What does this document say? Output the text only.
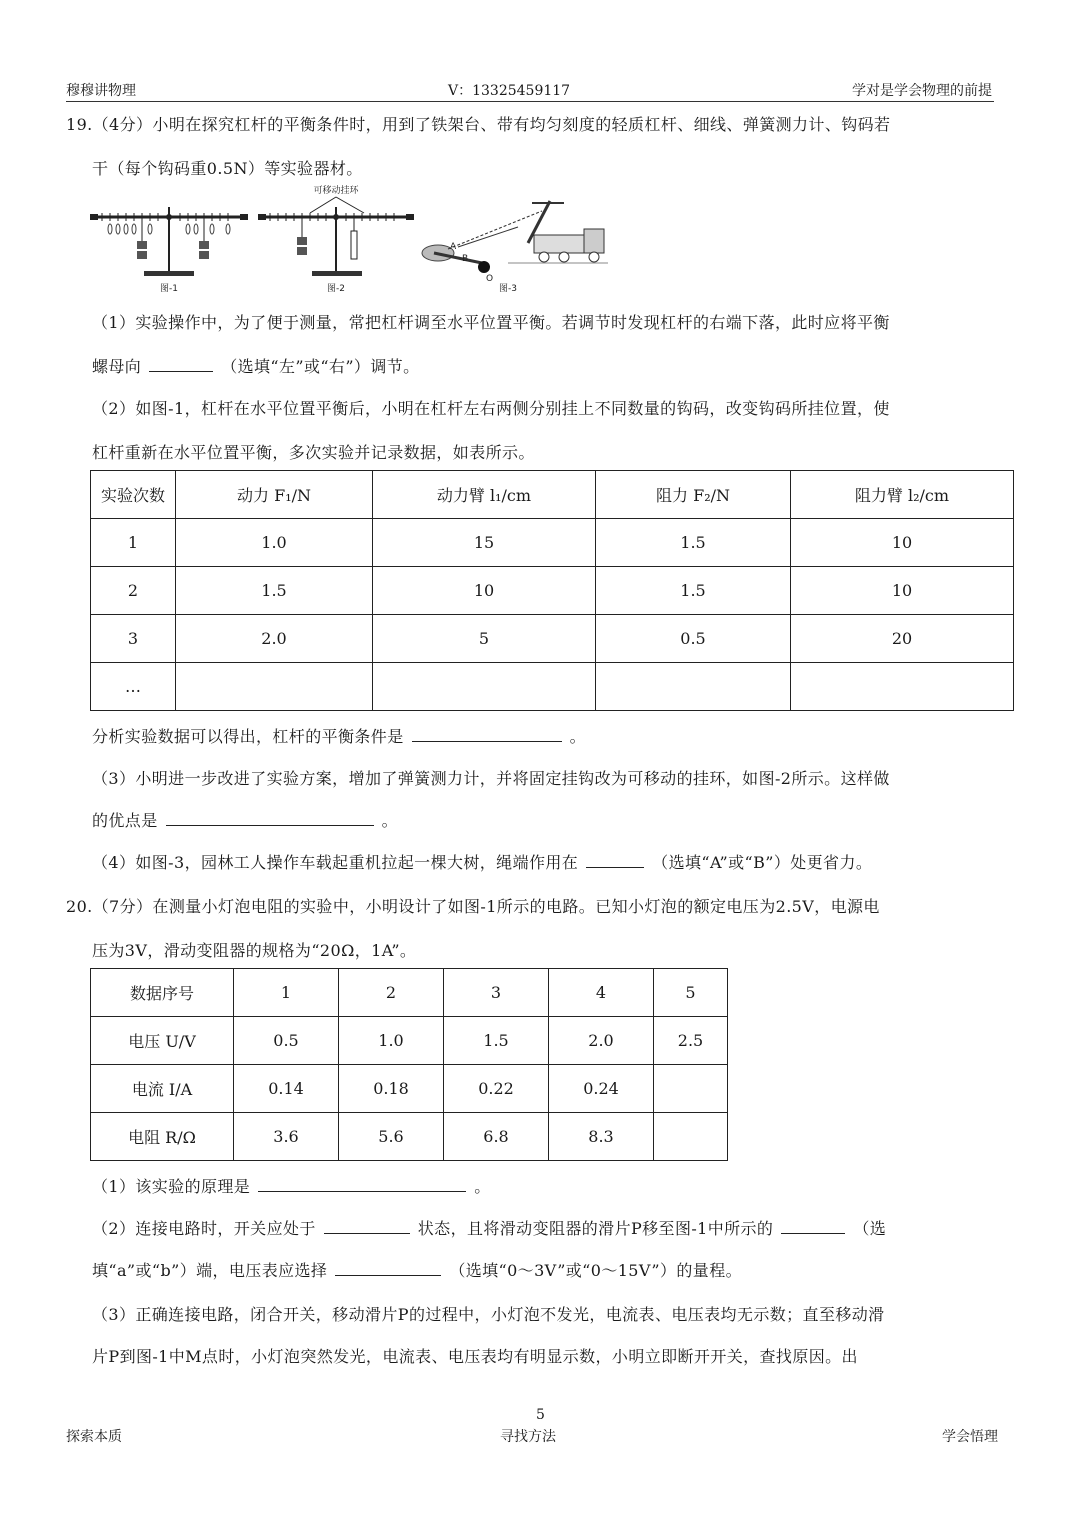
穆穆讲物理	V：13325459117	学对是学会物理的前提
19.（4分）小明在探究杠杆的平衡条件时，用到了铁架台、带有均匀刻度的轻质杠杆、细线、弹簧测力计、钩码若
干（每个钩码重0.5N）等实验器材。
图-1
可移动挂环
图-2
A
B
O
图-3
（1）实验操作中，为了便于测量，常把杠杆调至水平位置平衡。若调节时发现杠杆的右端下落，此时应将平衡
螺母向	（选填“左”或“右”）调节。
（2）如图-1，杠杆在水平位置平衡后，小明在杠杆左右两侧分别挂上不同数量的钩码，改变钩码所挂位置，使
杠杆重新在水平位置平衡，多次实验并记录数据，如表所示。
实验次数	动力 F₁/N	动力臂 l₁/cm	阻力 F₂/N	阻力臂 l₂/cm
1	1.0	15	1.5	10
2	1.5	10	1.5	10
3	2.0	5	0.5	20
…				
分析实验数据可以得出，杠杆的平衡条件是	。
（3）小明进一步改进了实验方案，增加了弹簧测力计，并将固定挂钩改为可移动的挂环，如图-2所示。这样做
的优点是	。
（4）如图-3，园林工人操作车载起重机拉起一棵大树，绳端作用在	（选填“A”或“B”）处更省力。
20.（7分）在测量小灯泡电阻的实验中，小明设计了如图-1所示的电路。已知小灯泡的额定电压为2.5V，电源电
压为3V，滑动变阻器的规格为“20Ω，1A”。
数据序号	1	2	3	4	5
电压 U/V	0.5	1.0	1.5	2.0	2.5
电流 I/A	0.14	0.18	0.22	0.24	
电阻 R/Ω	3.6	5.6	6.8	8.3	
（1）该实验的原理是	。
（2）连接电路时，开关应处于	状态，且将滑动变阻器的滑片P移至图-1中所示的	（选
填“a”或“b”）端，电压表应选择	（选填“0～3V”或“0～15V”）的量程。
（3）正确连接电路，闭合开关，移动滑片P的过程中，小灯泡不发光，电流表、电压表均无示数；直至移动滑
片P到图-1中M点时，小灯泡突然发光，电流表、电压表均有明显示数，小明立即断开开关，查找原因。出
5
探索本质	寻找方法	学会悟理
